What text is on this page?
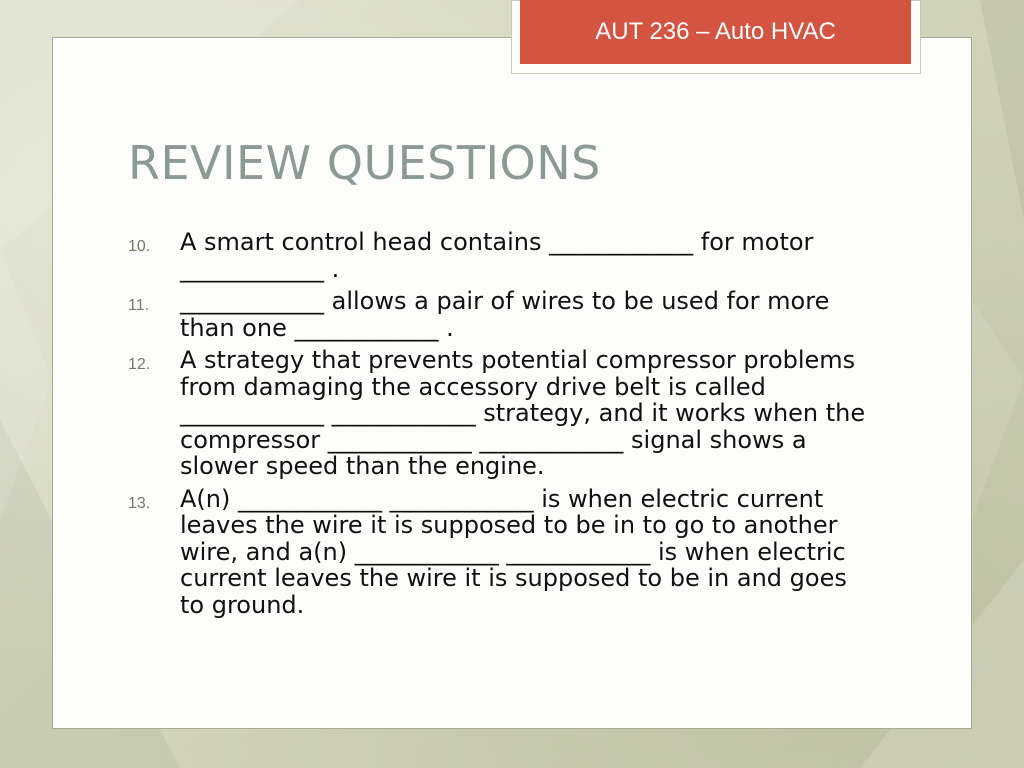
AUT 236 – Auto HVAC
REVIEW QUESTIONS
10.	A smart control head contains ____________ for motor ____________ .
11.	____________ allows a pair of wires to be used for more than one ____________ .
12.	A strategy that prevents potential compressor problems from damaging the accessory drive belt is called ____________ ____________ strategy, and it works when the compressor ____________ ____________ signal shows a slower speed than the engine.
13.	A(n) ____________ ____________ is when electric current leaves the wire it is supposed to be in to go to another wire, and a(n) ____________ ____________ is when electric current leaves the wire it is supposed to be in and goes to ground.
